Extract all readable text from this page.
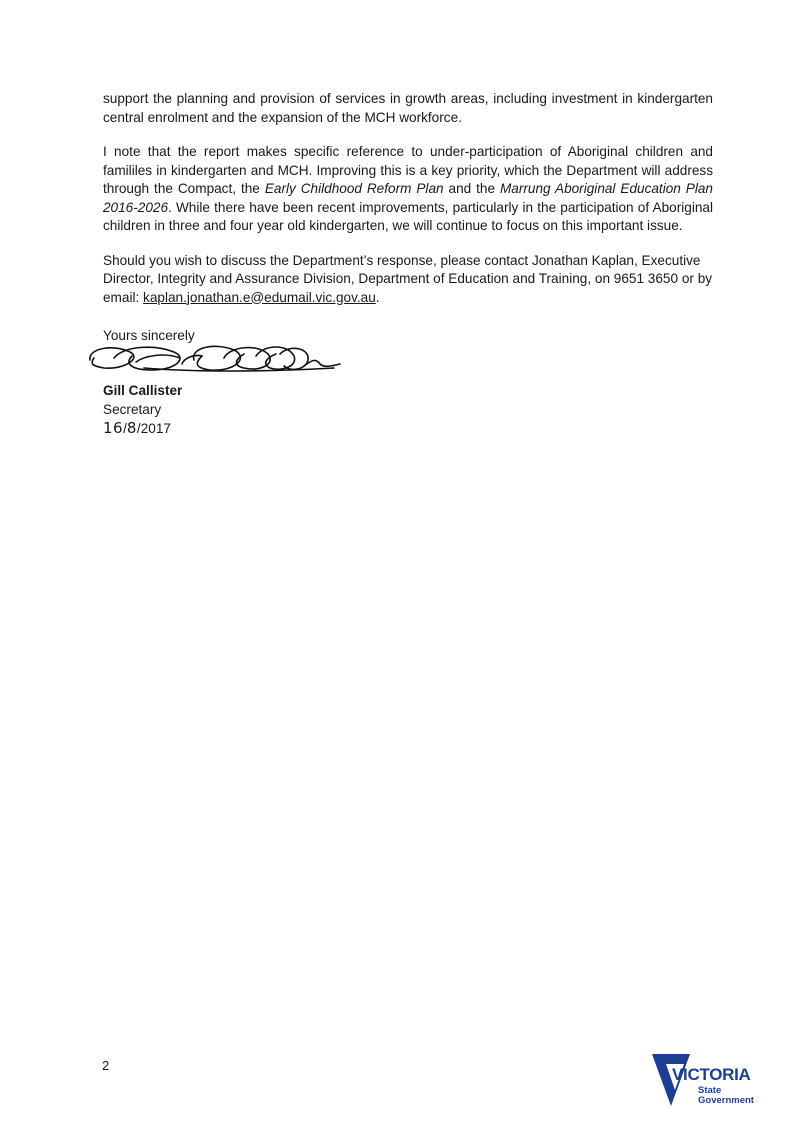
support the planning and provision of services in growth areas, including investment in kindergarten central enrolment and the expansion of the MCH workforce.

I note that the report makes specific reference to under-participation of Aboriginal children and famililes in kindergarten and MCH. Improving this is a key priority, which the Department will address through the Compact, the Early Childhood Reform Plan and the Marrung Aboriginal Education Plan 2016-2026. While there have been recent improvements, particularly in the participation of Aboriginal children in three and four year old kindergarten, we will continue to focus on this important issue.

Should you wish to discuss the Department’s response, please contact Jonathan Kaplan, Executive Director, Integrity and Assurance Division, Department of Education and Training, on 9651 3650 or by email: kaplan.jonathan.e@edumail.vic.gov.au.

Yours sincerely
Gill Callister
Secretary
16/8/2017
2	VICTORIA
State
Government
